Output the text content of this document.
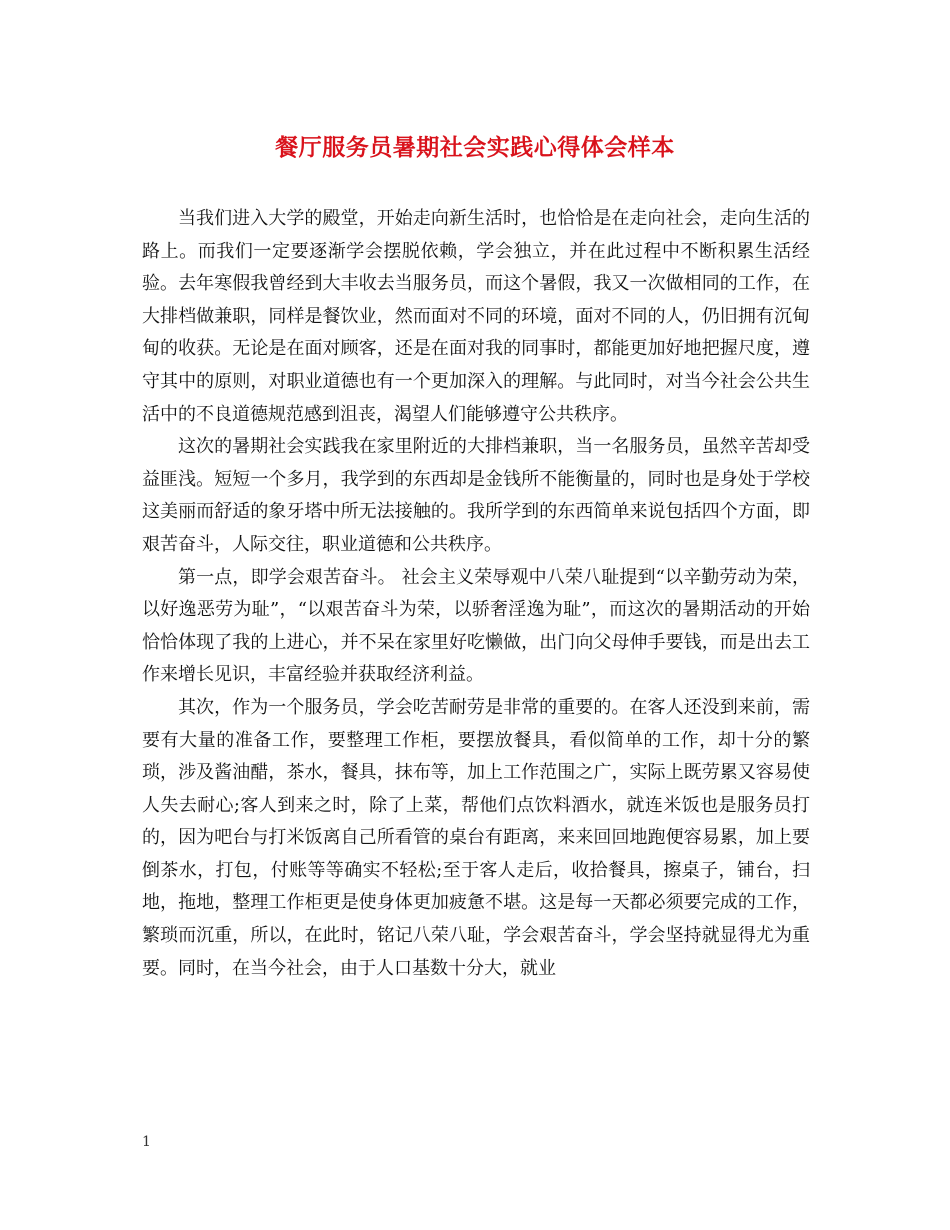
餐厅服务员暑期社会实践心得体会样本

当我们进入大学的殿堂，开始走向新生活时，也恰恰是在走向社会，走向生活的路上。而我们一定要逐渐学会摆脱依赖，学会独立，并在此过程中不断积累生活经验。去年寒假我曾经到大丰收去当服务员，而这个暑假，我又一次做相同的工作，在大排档做兼职，同样是餐饮业，然而面对不同的环境，面对不同的人，仍旧拥有沉甸甸的收获。无论是在面对顾客，还是在面对我的同事时，都能更加好地把握尺度，遵守其中的原则，对职业道德也有一个更加深入的理解。与此同时，对当今社会公共生活中的不良道德规范感到沮丧，渴望人们能够遵守公共秩序。

这次的暑期社会实践我在家里附近的大排档兼职，当一名服务员，虽然辛苦却受益匪浅。短短一个多月，我学到的东西却是金钱所不能衡量的，同时也是身处于学校这美丽而舒适的象牙塔中所无法接触的。我所学到的东西简单来说包括四个方面，即艰苦奋斗，人际交往，职业道德和公共秩序。

第一点，即学会艰苦奋斗。 社会主义荣辱观中八荣八耻提到“以辛勤劳动为荣，以好逸恶劳为耻”，“以艰苦奋斗为荣，以骄奢淫逸为耻”，而这次的暑期活动的开始恰恰体现了我的上进心，并不呆在家里好吃懒做，出门向父母伸手要钱，而是出去工作来增长见识，丰富经验并获取经济利益。

其次，作为一个服务员，学会吃苦耐劳是非常的重要的。在客人还没到来前，需要有大量的准备工作，要整理工作柜，要摆放餐具，看似简单的工作，却十分的繁琐，涉及酱油醋，茶水，餐具，抹布等，加上工作范围之广，实际上既劳累又容易使人失去耐心;客人到来之时，除了上菜，帮他们点饮料酒水，就连米饭也是服务员打的，因为吧台与打米饭离自己所看管的桌台有距离，来来回回地跑便容易累，加上要倒茶水，打包，付账等等确实不轻松;至于客人走后，收拾餐具，擦桌子，铺台，扫地，拖地，整理工作柜更是使身体更加疲惫不堪。这是每一天都必须要完成的工作，繁琐而沉重，所以，在此时，铭记八荣八耻，学会艰苦奋斗，学会坚持就显得尤为重要。同时，在当今社会，由于人口基数十分大，就业

1
